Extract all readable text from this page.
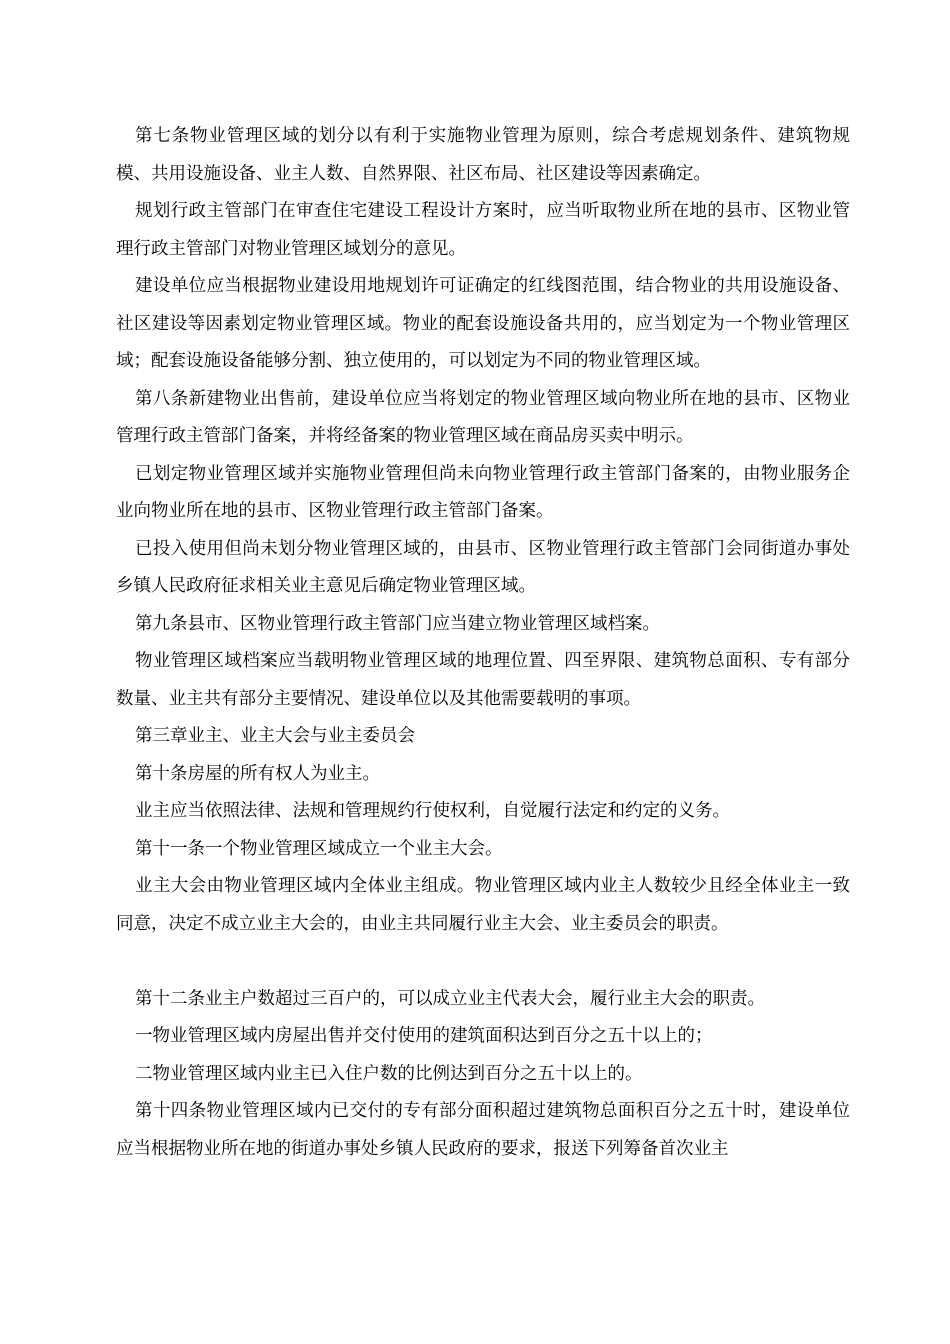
第七条物业管理区域的划分以有利于实施物业管理为原则，综合考虑规划条件、建筑物规模、共用设施设备、业主人数、自然界限、社区布局、社区建设等因素确定。

规划行政主管部门在审查住宅建设工程设计方案时，应当听取物业所在地的县市、区物业管理行政主管部门对物业管理区域划分的意见。

建设单位应当根据物业建设用地规划许可证确定的红线图范围，结合物业的共用设施设备、社区建设等因素划定物业管理区域。物业的配套设施设备共用的，应当划定为一个物业管理区域；配套设施设备能够分割、独立使用的，可以划定为不同的物业管理区域。

第八条新建物业出售前，建设单位应当将划定的物业管理区域向物业所在地的县市、区物业管理行政主管部门备案，并将经备案的物业管理区域在商品房买卖中明示。

已划定物业管理区域并实施物业管理但尚未向物业管理行政主管部门备案的，由物业服务企业向物业所在地的县市、区物业管理行政主管部门备案。

已投入使用但尚未划分物业管理区域的，由县市、区物业管理行政主管部门会同街道办事处乡镇人民政府征求相关业主意见后确定物业管理区域。

第九条县市、区物业管理行政主管部门应当建立物业管理区域档案。

物业管理区域档案应当载明物业管理区域的地理位置、四至界限、建筑物总面积、专有部分数量、业主共有部分主要情况、建设单位以及其他需要载明的事项。

第三章业主、业主大会与业主委员会

第十条房屋的所有权人为业主。

业主应当依照法律、法规和管理规约行使权利，自觉履行法定和约定的义务。

第十一条一个物业管理区域成立一个业主大会。

业主大会由物业管理区域内全体业主组成。物业管理区域内业主人数较少且经全体业主一致同意，决定不成立业主大会的，由业主共同履行业主大会、业主委员会的职责。

第十二条业主户数超过三百户的，可以成立业主代表大会，履行业主大会的职责。

一物业管理区域内房屋出售并交付使用的建筑面积达到百分之五十以上的；

二物业管理区域内业主已入住户数的比例达到百分之五十以上的。

第十四条物业管理区域内已交付的专有部分面积超过建筑物总面积百分之五十时，建设单位应当根据物业所在地的街道办事处乡镇人民政府的要求，报送下列筹备首次业主
